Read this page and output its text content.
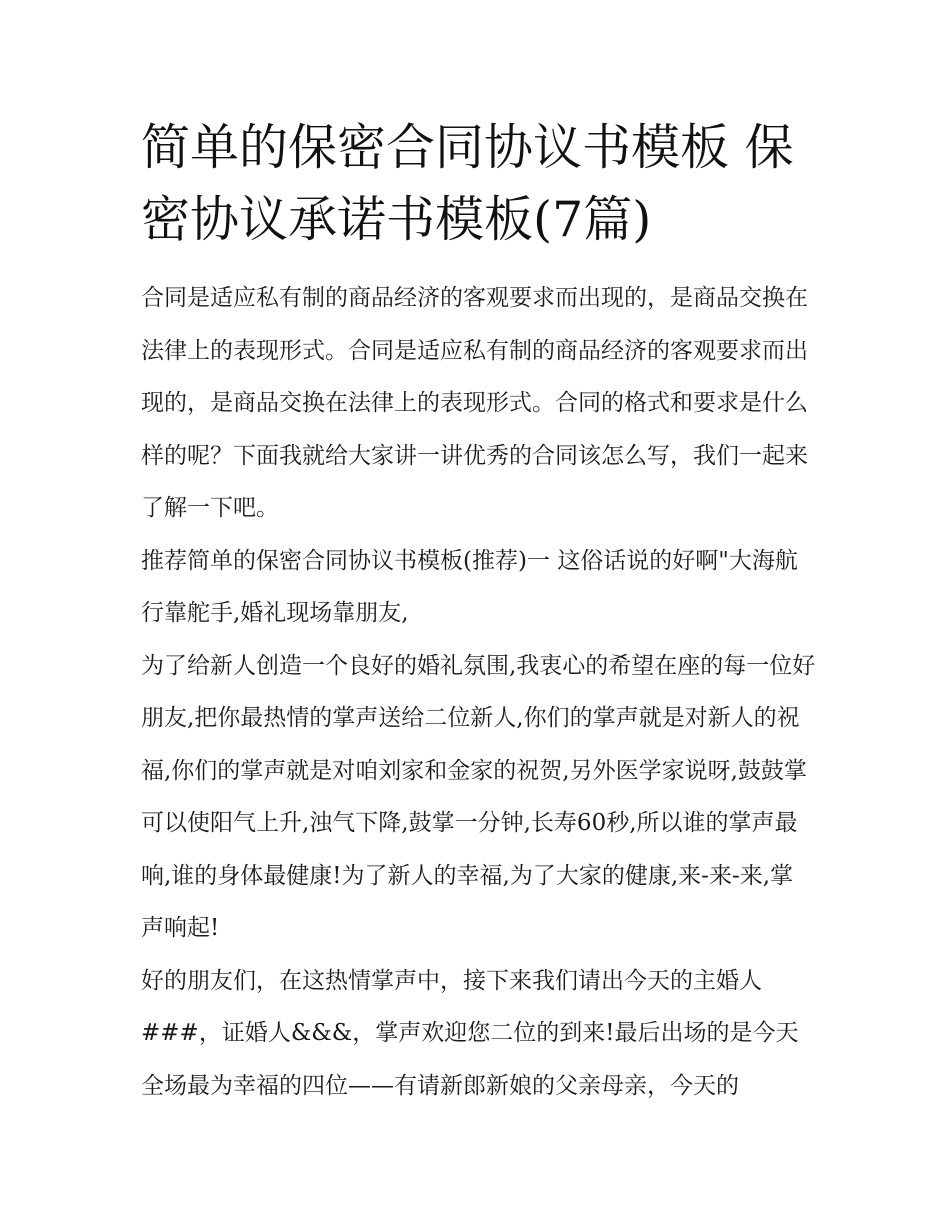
简单的保密合同协议书模板 保密协议承诺书模板(7篇)

合同是适应私有制的商品经济的客观要求而出现的，是商品交换在法律上的表现形式。合同是适应私有制的商品经济的客观要求而出现的，是商品交换在法律上的表现形式。合同的格式和要求是什么样的呢？下面我就给大家讲一讲优秀的合同该怎么写，我们一起来了解一下吧。

推荐简单的保密合同协议书模板(推荐)一 这俗话说的好啊"大海航行靠舵手,婚礼现场靠朋友,

为了给新人创造一个良好的婚礼氛围,我衷心的希望在座的每一位好朋友,把你最热情的掌声送给二位新人,你们的掌声就是对新人的祝福,你们的掌声就是对咱刘家和金家的祝贺,另外医学家说呀,鼓鼓掌可以使阳气上升,浊气下降,鼓掌一分钟,长寿60秒,所以谁的掌声最响,谁的身体最健康!为了新人的幸福,为了大家的健康,来-来-来,掌声响起!

好的朋友们，在这热情掌声中，接下来我们请出今天的主婚人###，证婚人&&&，掌声欢迎您二位的到来!最后出场的是今天全场最为幸福的四位——有请新郎新娘的父亲母亲，今天的
